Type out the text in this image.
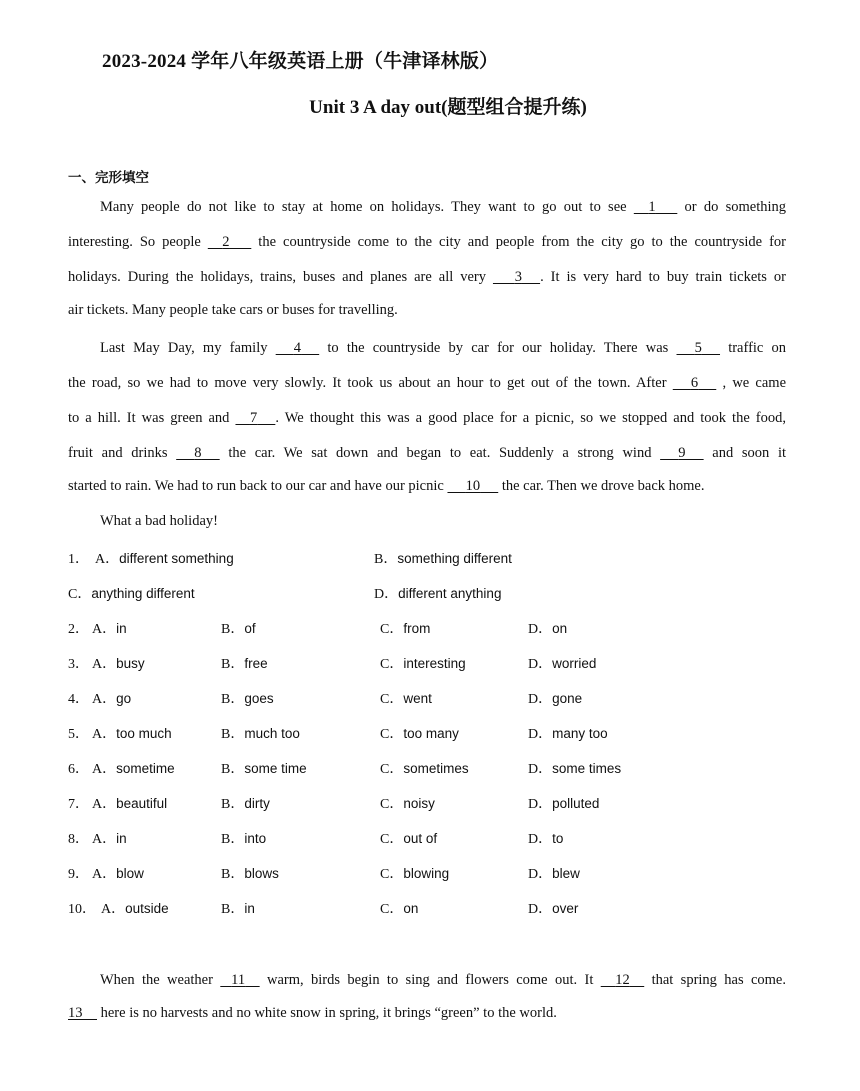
2023-2024 学年八年级英语上册（牛津译林版）
Unit 3 A day out(题型组合提升练)
一、完形填空
Many people do not like to stay at home on holidays. They want to go out to see 1 or do something
interesting. So people 2 the countryside come to the city and people from the city go to the countryside for
holidays. During the holidays, trains, buses and planes are all very 3 . It is very hard to buy train tickets or
air tickets. Many people take cars or buses for travelling.
Last May Day, my family 4 to the countryside by car for our holiday. There was 5 traffic on
the road, so we had to move very slowly. It took us about an hour to get out of the town. After 6 , we came
to a hill. It was green and 7 . We thought this was a good place for a picnic, so we stopped and took the food,
fruit and drinks 8 the car. We sat down and began to eat. Suddenly a strong wind 9 and soon it
started to rain. We had to run back to our car and have our picnic 10 the car. Then we drove back home.
What a bad holiday!
1． A．different something	B．something different
C．anything different	D．different anything
2． A．in	B．of	C．from	D．on
3． A．busy	B．free	C．interesting	D．worried
4． A．go	B．goes	C．went	D．gone
5． A．too much	B．much too	C．too many	D．many too
6． A．sometime	B．some time	C．sometimes	D．some times
7． A．beautiful	B．dirty	C．noisy	D．polluted
8． A．in	B．into	C．out of	D．to
9． A．blow	B．blows	C．blowing	D．blew
10． A．outside	B．in	C．on	D．over
When the weather 11 warm, birds begin to sing and flowers come out. It 12 that spring has come.
13 here is no harvests and no white snow in spring, it brings “green” to the world.
